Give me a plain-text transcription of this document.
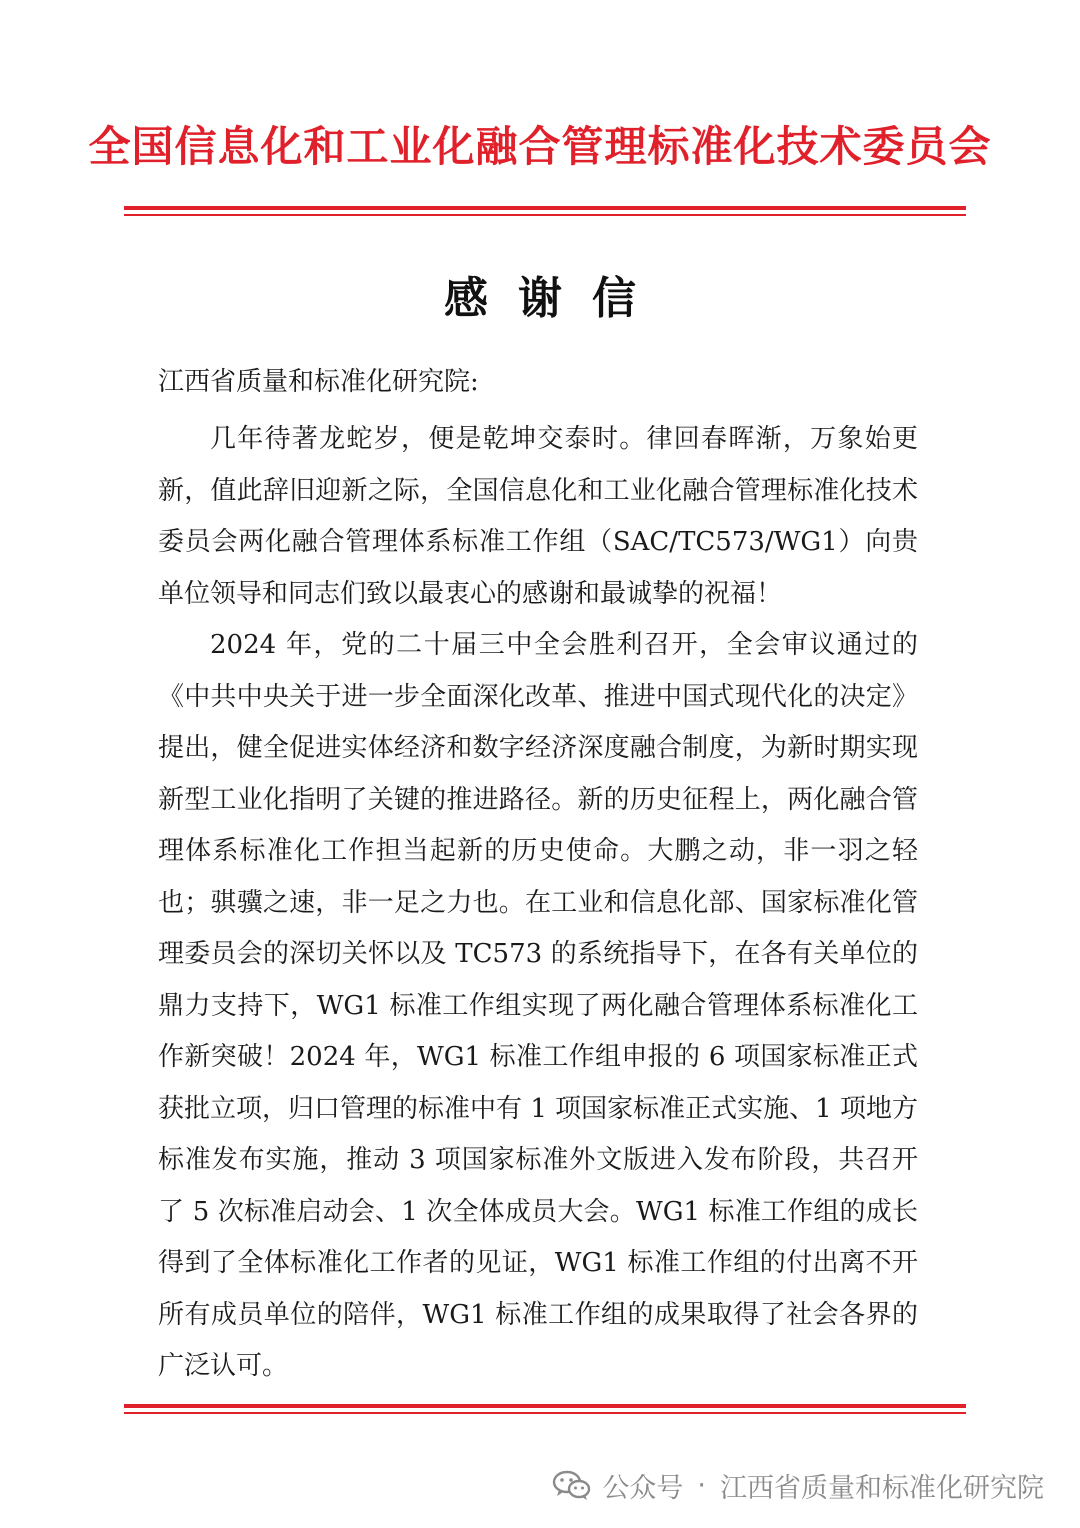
全国信息化和工业化融合管理标准化技术委员会
感谢信
江西省质量和标准化研究院:

几年待著龙蛇岁，便是乾坤交泰时。律回春晖渐，万象始更新，值此辞旧迎新之际，全国信息化和工业化融合管理标准化技术委员会两化融合管理体系标准工作组（SAC/TC573/WG1）向贵单位领导和同志们致以最衷心的感谢和最诚挚的祝福！

2024 年，党的二十届三中全会胜利召开，全会审议通过的《中共中央关于进一步全面深化改革、推进中国式现代化的决定》提出，健全促进实体经济和数字经济深度融合制度，为新时期实现新型工业化指明了关键的推进路径。新的历史征程上，两化融合管理体系标准化工作担当起新的历史使命。大鹏之动，非一羽之轻也；骐骥之速，非一足之力也。在工业和信息化部、国家标准化管理委员会的深切关怀以及 TC573 的系统指导下，在各有关单位的鼎力支持下，WG1 标准工作组实现了两化融合管理体系标准化工作新突破！2024 年，WG1 标准工作组申报的 6 项国家标准正式获批立项，归口管理的标准中有 1 项国家标准正式实施、1 项地方标准发布实施，推动 3 项国家标准外文版进入发布阶段，共召开了 5 次标准启动会、1 次全体成员大会。WG1 标准工作组的成长得到了全体标准化工作者的见证，WG1 标准工作组的付出离不开所有成员单位的陪伴，WG1 标准工作组的成果取得了社会各界的广泛认可。

公众号 · 江西省质量和标准化研究院
